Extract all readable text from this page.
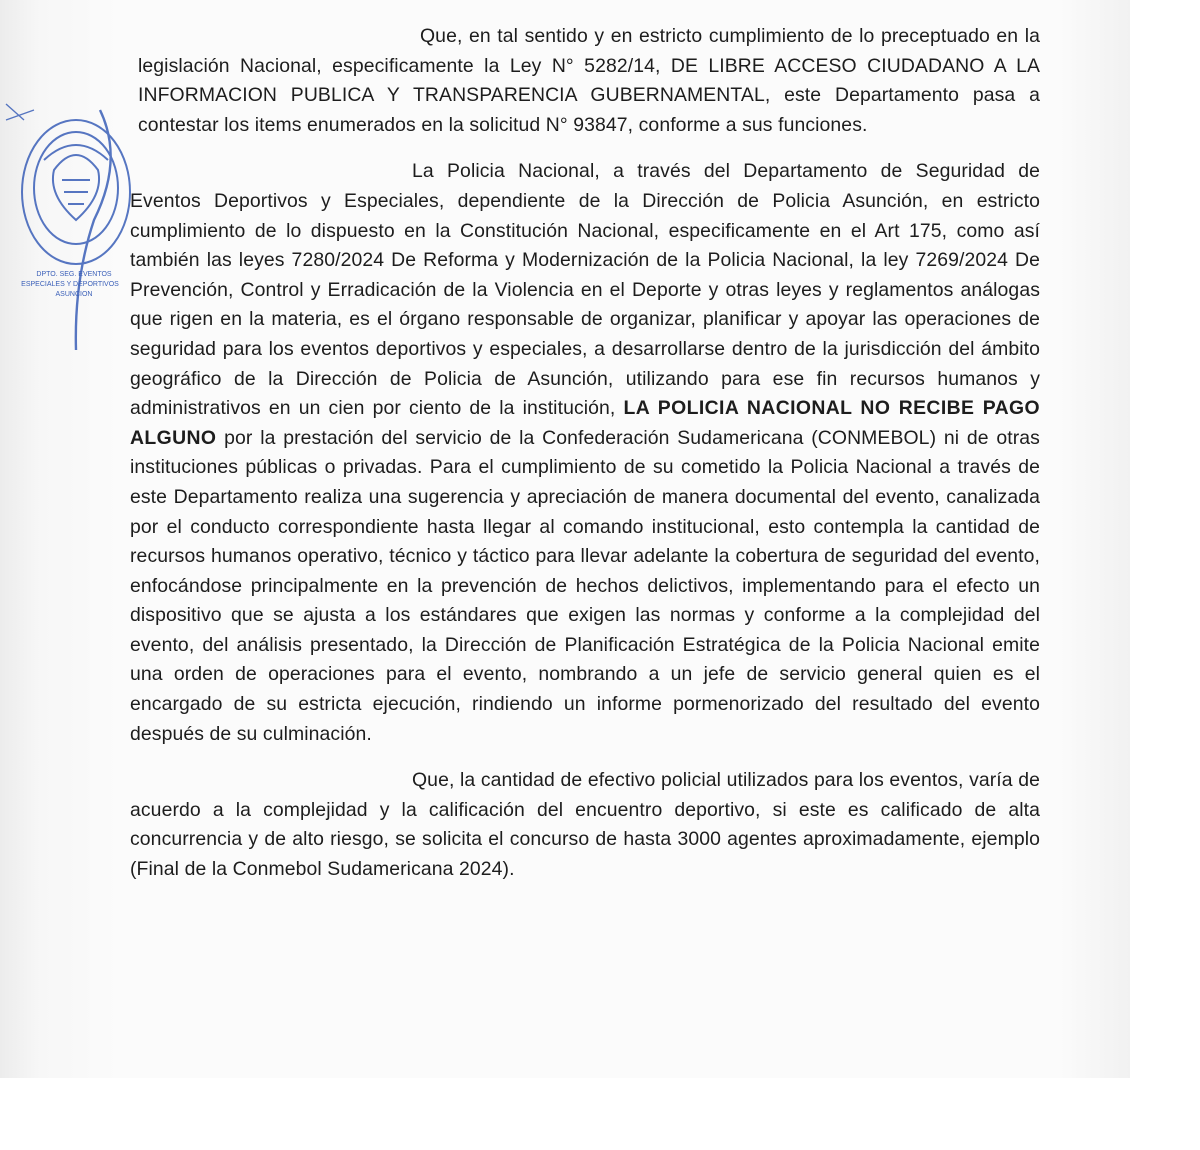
DPTO. SEG. EVENTOS
ESPECIALES Y DEPORTIVOS
ASUNCION

Que, en tal sentido y en estricto cumplimiento de lo preceptuado en la legislación Nacional, especificamente la Ley N° 5282/14, DE LIBRE ACCESO CIUDADANO A LA INFORMACION PUBLICA Y TRANSPARENCIA GUBERNAMENTAL, este Departamento pasa a contestar los items enumerados en la solicitud N° 93847, conforme a sus funciones.

La Policia Nacional, a través del Departamento de Seguridad de Eventos Deportivos y Especiales, dependiente de la Dirección de Policia Asunción, en estricto cumplimiento de lo dispuesto en la Constitución Nacional, especificamente en el Art 175, como así también las leyes 7280/2024 De Reforma y Modernización de la Policia Nacional, la ley 7269/2024 De Prevención, Control y Erradicación de la Violencia en el Deporte y otras leyes y reglamentos análogas que rigen en la materia, es el órgano responsable de organizar, planificar y apoyar las operaciones de seguridad para los eventos deportivos y especiales, a desarrollarse dentro de la jurisdicción del ámbito geográfico de la Dirección de Policia de Asunción, utilizando para ese fin recursos humanos y administrativos en un cien por ciento de la institución, LA POLICIA NACIONAL NO RECIBE PAGO ALGUNO por la prestación del servicio de la Confederación Sudamericana (CONMEBOL) ni de otras instituciones públicas o privadas. Para el cumplimiento de su cometido la Policia Nacional a través de este Departamento realiza una sugerencia y apreciación de manera documental del evento, canalizada por el conducto correspondiente hasta llegar al comando institucional, esto contempla la cantidad de recursos humanos operativo, técnico y táctico para llevar adelante la cobertura de seguridad del evento, enfocándose principalmente en la prevención de hechos delictivos, implementando para el efecto un dispositivo que se ajusta a los estándares que exigen las normas y conforme a la complejidad del evento, del análisis presentado, la Dirección de Planificación Estratégica de la Policia Nacional emite una orden de operaciones para el evento, nombrando a un jefe de servicio general quien es el encargado de su estricta ejecución, rindiendo un informe pormenorizado del resultado del evento después de su culminación.

Que, la cantidad de efectivo policial utilizados para los eventos, varía de acuerdo a la complejidad y la calificación del encuentro deportivo, si este es calificado de alta concurrencia y de alto riesgo, se solicita el concurso de hasta 3000 agentes aproximadamente, ejemplo (Final de la Conmebol Sudamericana 2024).
